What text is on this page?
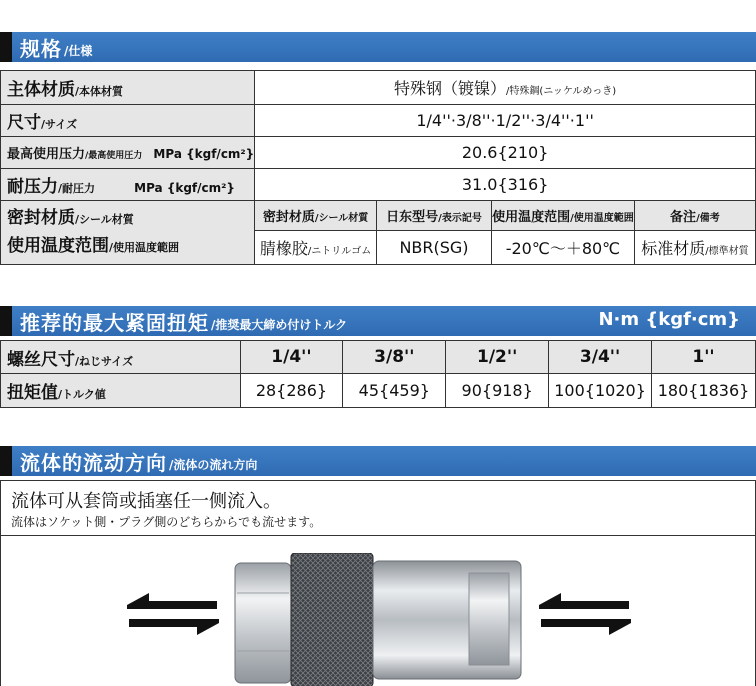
规格 /仕様
主体材质/本体材質	特殊钢（镀镍）/特殊鋼(ニッケルめっき)			
尺寸/サイズ	1/4''·3/8''·1/2''·3/4''·1''			
最高使用压力/最高使用圧力 MPa {kgf/cm²}	20.6{210}			
耐压力/耐圧力 MPa {kgf/cm²}	31.0{316}			

密封材质/シール材質
使用温度范围/使用温度範囲	密封材质/シール材質	日东型号/表示記号	使用温度范围/使用温度範囲	备注/備考
	腈橡胶/ニトリルゴム	NBR(SG)	-20℃～＋80℃	标准材质/標準材質
推荐的最大紧固扭矩 /推奨最大締め付けトルク	N·m {kgf·cm}
螺丝尺寸/ねじサイズ	1/4''	3/8''	1/2''	3/4''	1''
扭矩值/トルク値	28{286}	45{459}	90{918}	100{1020}	180{1836}
流体的流动方向 /流体の流れ方向
流体可从套筒或插塞任一侧流入。
流体はソケット側・プラグ側のどちらからでも流せます。
